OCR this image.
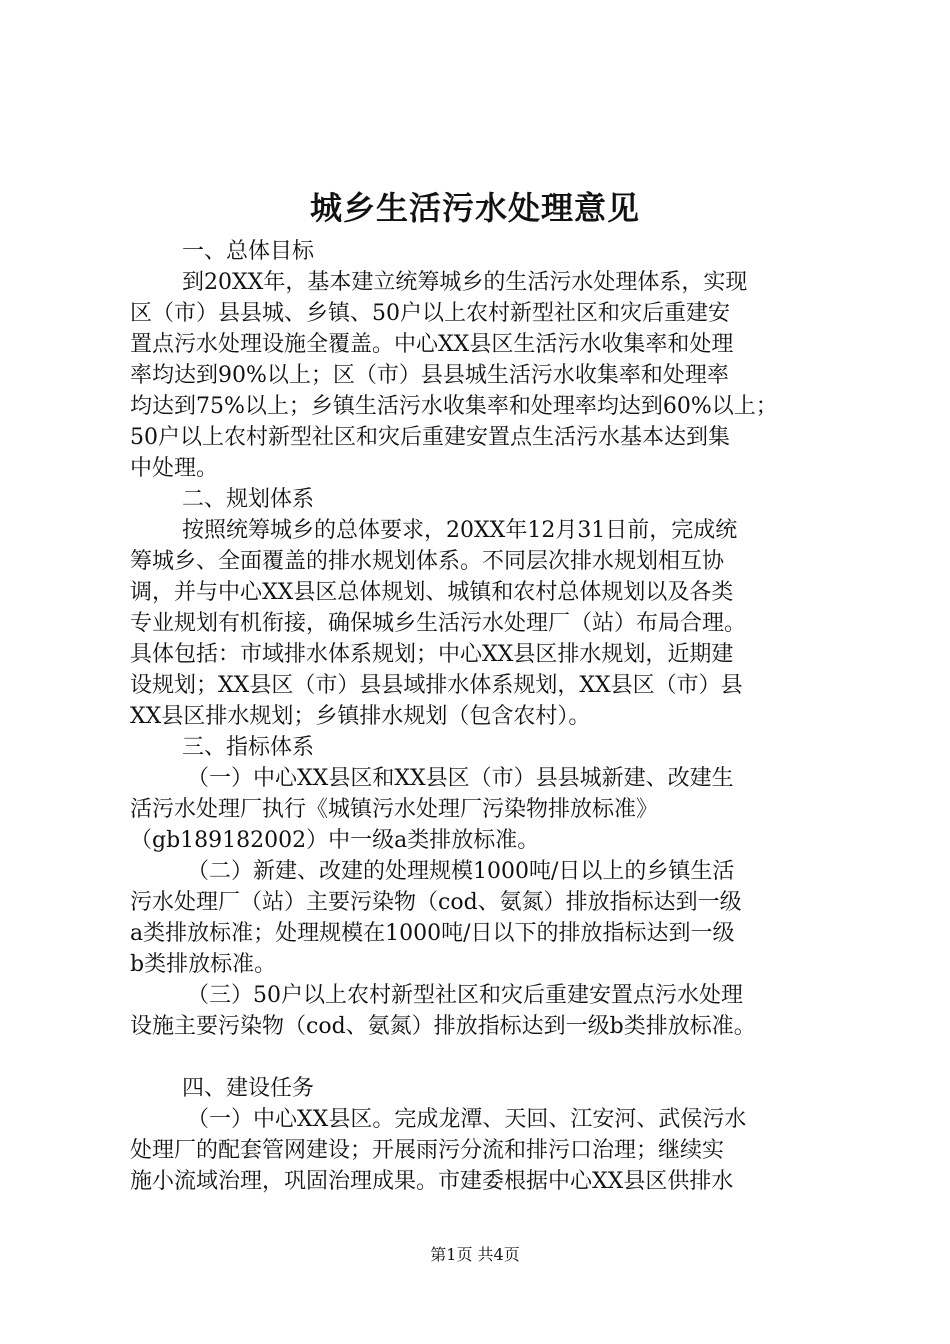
城乡生活污水处理意见
一、总体目标
到20XX年，基本建立统筹城乡的生活污水处理体系，实现
区（市）县县城、乡镇、50户以上农村新型社区和灾后重建安
置点污水处理设施全覆盖。中心XX县区生活污水收集率和处理
率均达到90%以上；区（市）县县城生活污水收集率和处理率
均达到75%以上；乡镇生活污水收集率和处理率均达到60%以上；
50户以上农村新型社区和灾后重建安置点生活污水基本达到集
中处理。
二、规划体系
按照统筹城乡的总体要求，20XX年12月31日前，完成统
筹城乡、全面覆盖的排水规划体系。不同层次排水规划相互协
调，并与中心XX县区总体规划、城镇和农村总体规划以及各类
专业规划有机衔接，确保城乡生活污水处理厂（站）布局合理。
具体包括：市域排水体系规划；中心XX县区排水规划，近期建
设规划；XX县区（市）县县域排水体系规划，XX县区（市）县
XX县区排水规划；乡镇排水规划（包含农村）。
三、指标体系
（一）中心XX县区和XX县区（市）县县城新建、改建生
活污水处理厂执行《城镇污水处理厂污染物排放标准》
（gb189182002）中一级a类排放标准。
（二）新建、改建的处理规模1000吨/日以上的乡镇生活
污水处理厂（站）主要污染物（cod、氨氮）排放指标达到一级
a类排放标准；处理规模在1000吨/日以下的排放指标达到一级
b类排放标准。
（三）50户以上农村新型社区和灾后重建安置点污水处理
设施主要污染物（cod、氨氮）排放指标达到一级b类排放标准。
四、建设任务
（一）中心XX县区。完成龙潭、天回、江安河、武侯污水
处理厂的配套管网建设；开展雨污分流和排污口治理；继续实
施小流域治理，巩固治理成果。市建委根据中心XX县区供排水
第1页 共4页
